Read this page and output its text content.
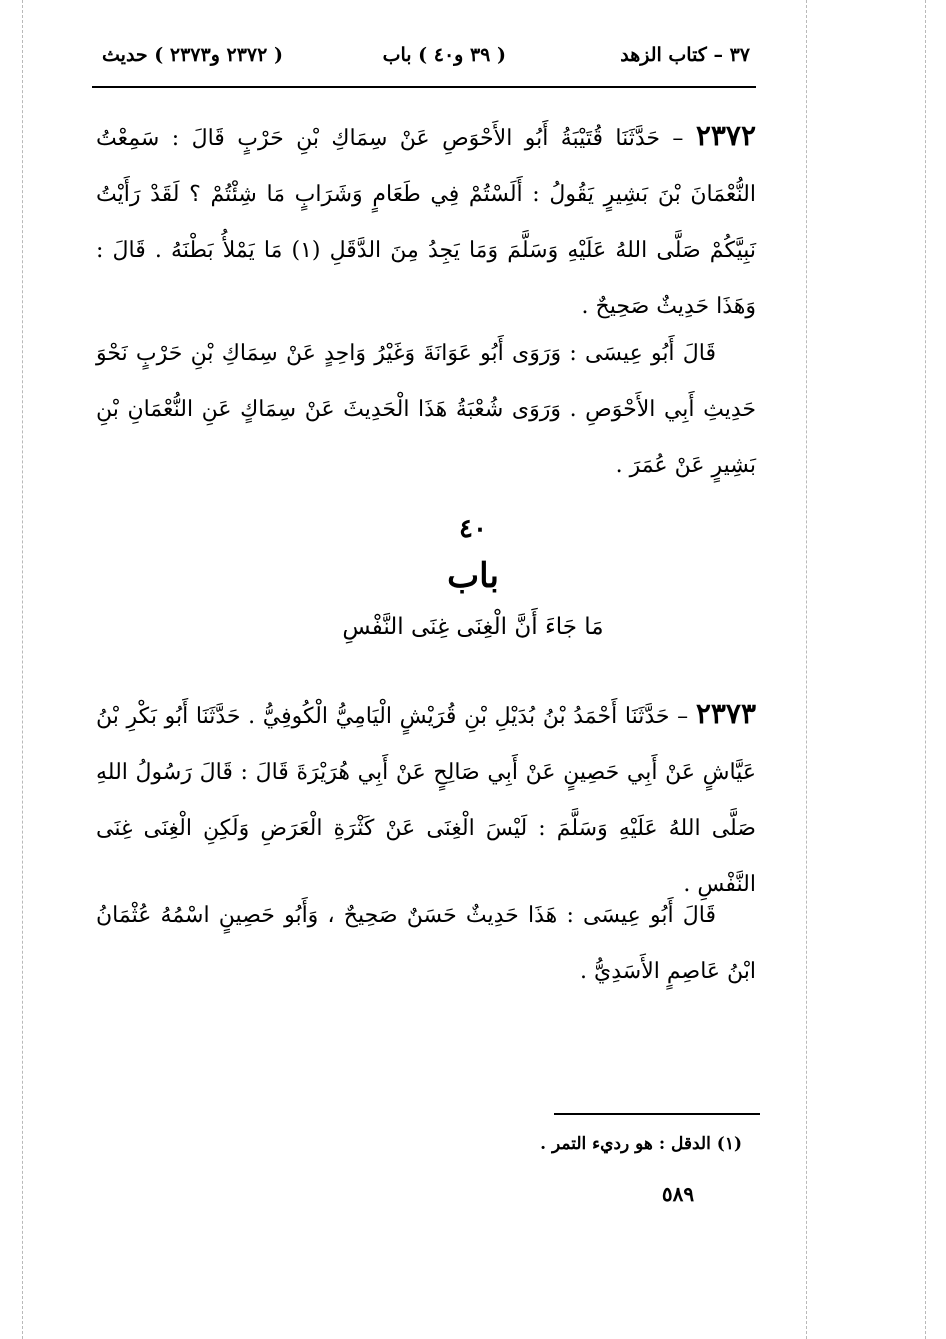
٣٧ – كتاب الزهد
( ٣٩ و٤٠ ) باب
( ٢٣٧٢ و٢٣٧٣ ) حديث
٢٣٧٢ – حَدَّثَنَا قُتَيْبَةُ أَبُو الأَحْوَصِ عَنْ سِمَاكِ بْنِ حَرْبٍ قَالَ : سَمِعْتُ النُّعْمَانَ بْنَ بَشِيرٍ يَقُولُ : أَلَسْتُمْ فِي طَعَامٍ وَشَرَابٍ مَا شِئْتُمْ ؟ لَقَدْ رَأَيْتُ نَبِيَّكُمْ صَلَّى اللهُ عَلَيْهِ وَسَلَّمَ وَمَا يَجِدُ مِنَ الدَّقَلِ (١) مَا يَمْلأُ بَطْنَهُ . قَالَ : وَهَذَا حَدِيثٌ صَحِيحٌ .
قَالَ أَبُو عِيسَى : وَرَوَى أَبُو عَوَانَةَ وَغَيْرُ وَاحِدٍ عَنْ سِمَاكِ بْنِ حَرْبٍ نَحْوَ حَدِيثِ أَبِي الأَحْوَصِ . وَرَوَى شُعْبَةُ هَذَا الْحَدِيثَ عَنْ سِمَاكٍ عَنِ النُّعْمَانِ بْنِ بَشِيرٍ عَنْ عُمَرَ .
٤٠
باب
مَا جَاءَ أَنَّ الْغِنَى غِنَى النَّفْسِ
٢٣٧٣ – حَدَّثَنَا أَحْمَدُ بْنُ بُدَيْلِ بْنِ قُرَيْشٍ الْيَامِيُّ الْكُوفِيُّ . حَدَّثَنَا أَبُو بَكْرِ بْنُ عَيَّاشٍ عَنْ أَبِي حَصِينٍ عَنْ أَبِي صَالِحٍ عَنْ أَبِي هُرَيْرَةَ قَالَ : قَالَ رَسُولُ اللهِ صَلَّى اللهُ عَلَيْهِ وَسَلَّمَ : لَيْسَ الْغِنَى عَنْ كَثْرَةِ الْعَرَضِ وَلَكِنِ الْغِنَى غِنَى النَّفْسِ .
قَالَ أَبُو عِيسَى : هَذَا حَدِيثٌ حَسَنٌ صَحِيحٌ ، وَأَبُو حَصِينٍ اسْمُهُ عُثْمَانُ ابْنُ عَاصِمٍ الأَسَدِيُّ .
(١) الدقل : هو رديء التمر .
٥٨٩
